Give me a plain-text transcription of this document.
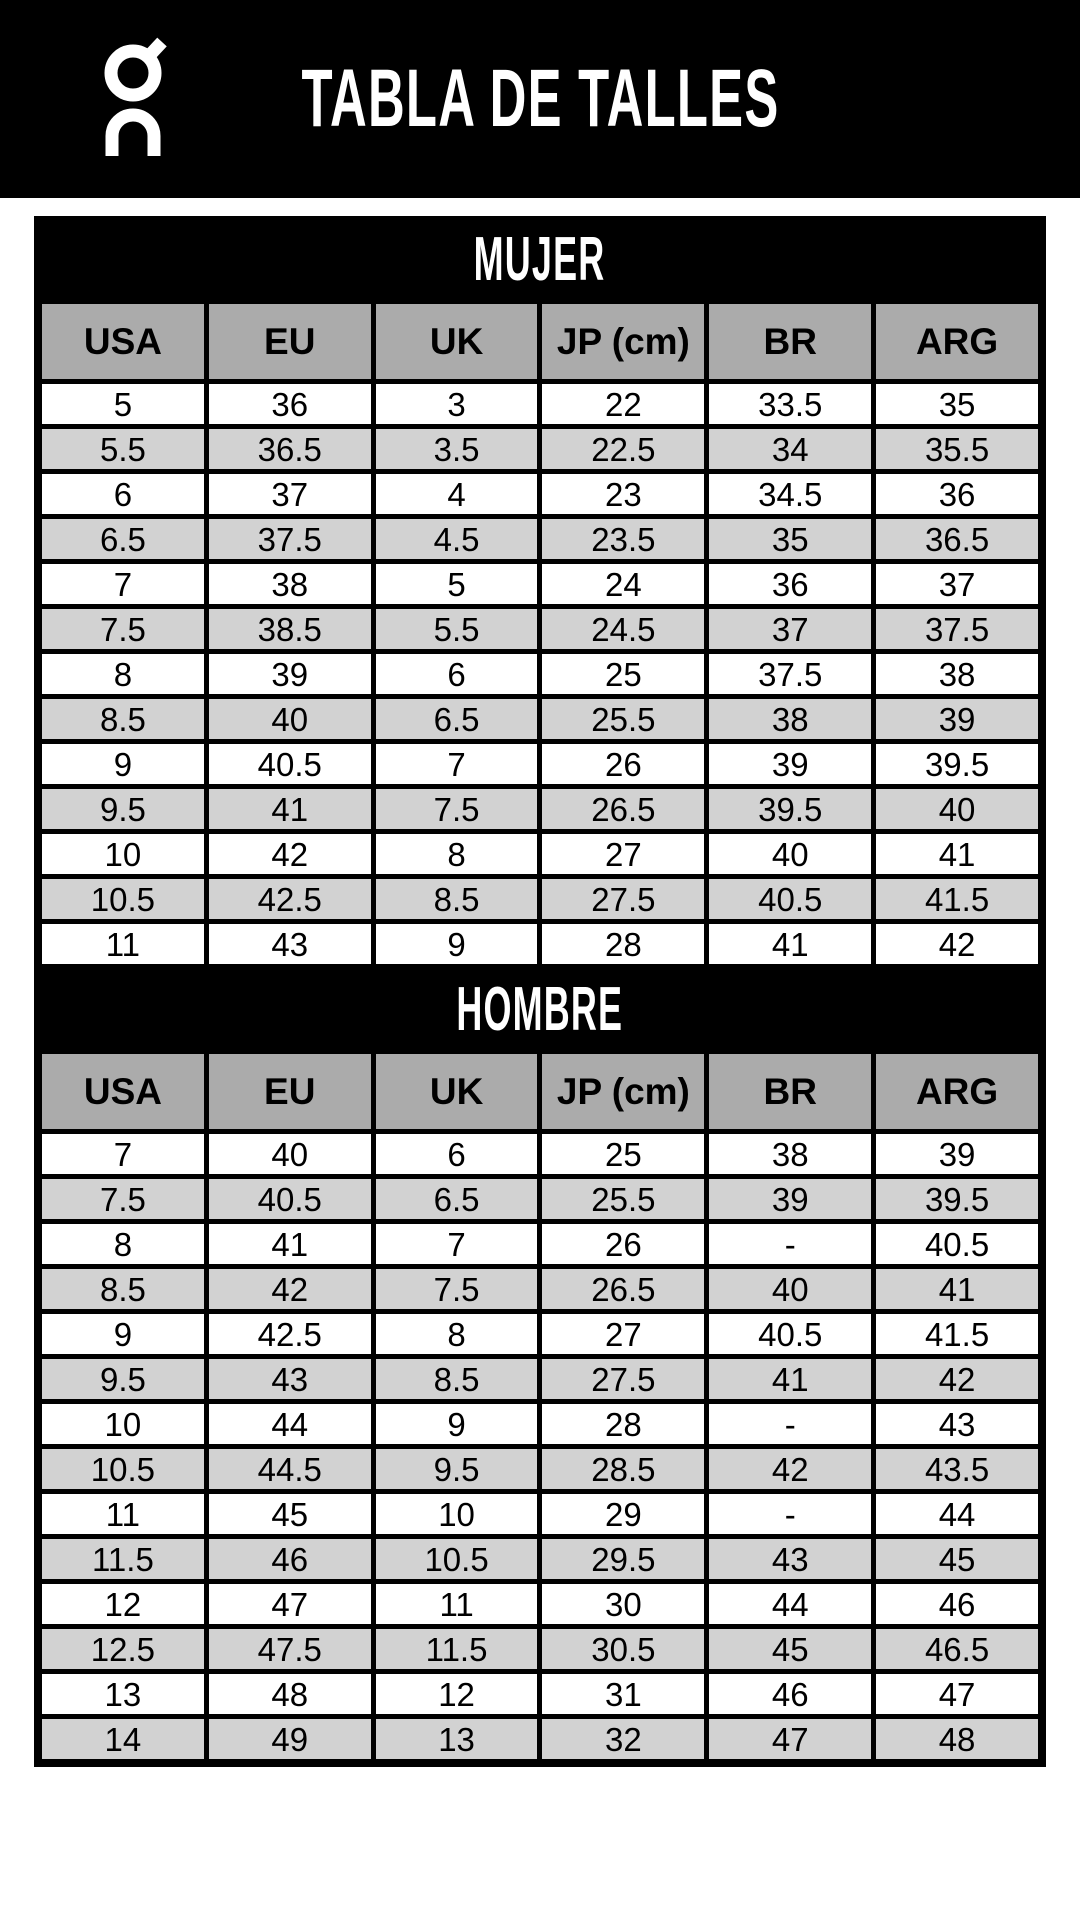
TABLA DE TALLES
MUJER
USA	EU	UK	JP (cm)	BR	ARG
5	36	3	22	33.5	35
5.5	36.5	3.5	22.5	34	35.5
6	37	4	23	34.5	36
6.5	37.5	4.5	23.5	35	36.5
7	38	5	24	36	37
7.5	38.5	5.5	24.5	37	37.5
8	39	6	25	37.5	38
8.5	40	6.5	25.5	38	39
9	40.5	7	26	39	39.5
9.5	41	7.5	26.5	39.5	40
10	42	8	27	40	41
10.5	42.5	8.5	27.5	40.5	41.5
11	43	9	28	41	42
HOMBRE
USA	EU	UK	JP (cm)	BR	ARG
7	40	6	25	38	39
7.5	40.5	6.5	25.5	39	39.5
8	41	7	26	-	40.5
8.5	42	7.5	26.5	40	41
9	42.5	8	27	40.5	41.5
9.5	43	8.5	27.5	41	42
10	44	9	28	-	43
10.5	44.5	9.5	28.5	42	43.5
11	45	10	29	-	44
11.5	46	10.5	29.5	43	45
12	47	11	30	44	46
12.5	47.5	11.5	30.5	45	46.5
13	48	12	31	46	47
14	49	13	32	47	48
